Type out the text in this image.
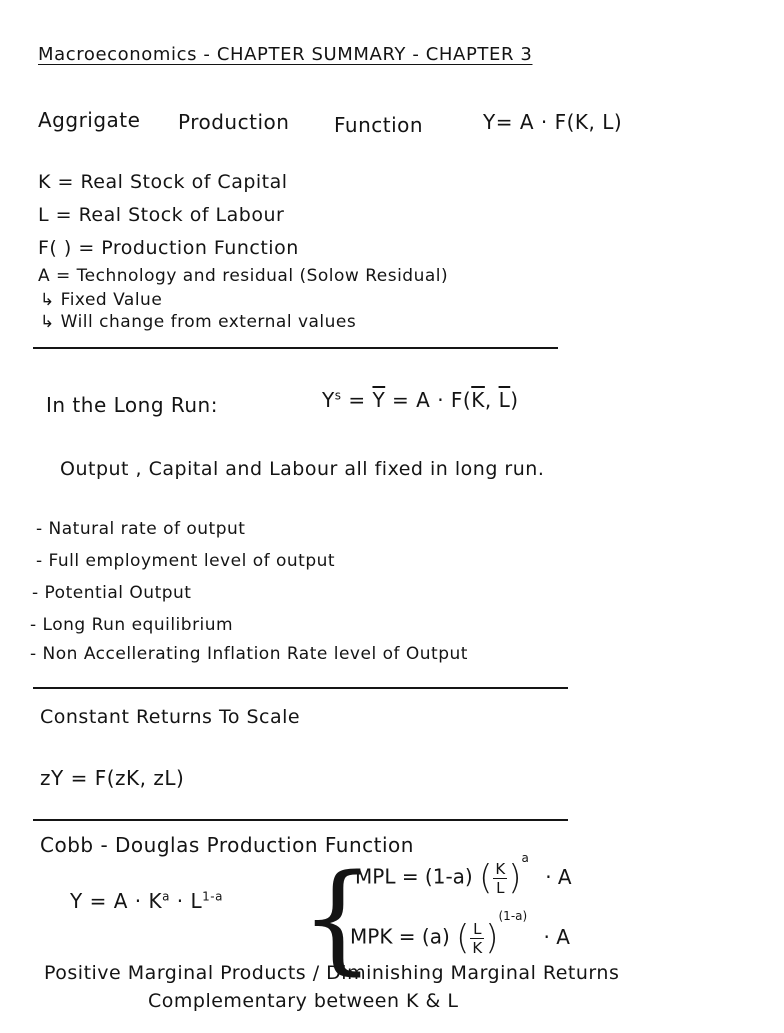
Macroeconomics - CHAPTER SUMMARY - CHAPTER 3
Aggrigate Production Function	Y= A · F(K, L)
K = Real Stock of Capital
L = Real Stock of Labour
F( ) = Production Function
A = Technology and residual (Solow Residual)
↳ Fixed Value
↳ Will change from external values
In the Long Run:	$Y^s = \overline{Y} = A \cdot F(\overline{K}$, $\overline{L}$)
Output , Capital and Labour all fixed in long run.
- Natural rate of output
- Full employment level of output
- Potential Output
- Long Run equilibrium
- Non Accellerating Inflation Rate level of Output
Constant Returns To Scale
zY = F(zK, zL)
Cobb - Douglas Production Function
$Y = A \cdot K^a \cdot L^{1-a}$ {
MPL = (1-a) ( $\frac{K}{L} )^a \cdot A$
MPK = (a) ( $\frac{L}{K} )^{(1-a)} \cdot A$
Positive Marginal Products / Diminishing Marginal Returns
Complementary between K & L
